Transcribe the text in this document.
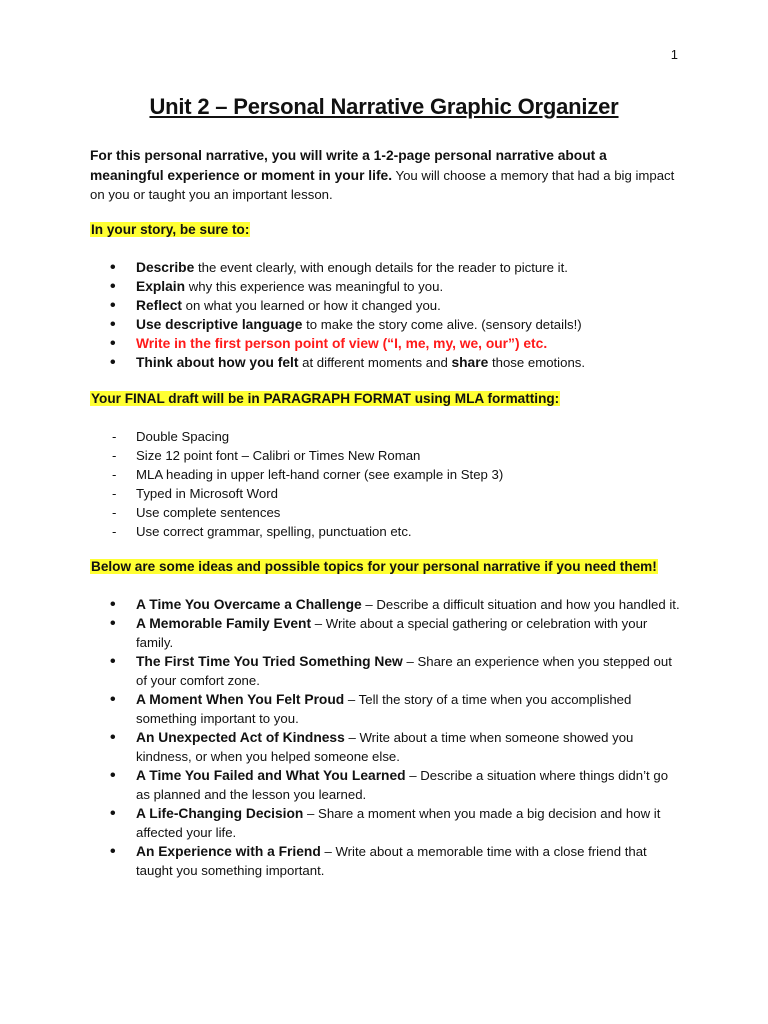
1
Unit 2 – Personal Narrative Graphic Organizer
For this personal narrative, you will write a 1-2-page personal narrative about a meaningful experience or moment in your life. You will choose a memory that had a big impact on you or taught you an important lesson.
In your story, be sure to:
• Describe the event clearly, with enough details for the reader to picture it.
• Explain why this experience was meaningful to you.
• Reflect on what you learned or how it changed you.
• Use descriptive language to make the story come alive. (sensory details!)
• Write in the first person point of view (“I, me, my, we, our”) etc.
• Think about how you felt at different moments and share those emotions.
Your FINAL draft will be in PARAGRAPH FORMAT using MLA formatting:
- Double Spacing
- Size 12 point font – Calibri or Times New Roman
- MLA heading in upper left-hand corner (see example in Step 3)
- Typed in Microsoft Word
- Use complete sentences
- Use correct grammar, spelling, punctuation etc.
Below are some ideas and possible topics for your personal narrative if you need them!
• A Time You Overcame a Challenge – Describe a difficult situation and how you handled it.
• A Memorable Family Event – Write about a special gathering or celebration with your family.
• The First Time You Tried Something New – Share an experience when you stepped out of your comfort zone.
• A Moment When You Felt Proud – Tell the story of a time when you accomplished something important to you.
• An Unexpected Act of Kindness – Write about a time when someone showed you kindness, or when you helped someone else.
• A Time You Failed and What You Learned – Describe a situation where things didn’t go as planned and the lesson you learned.
• A Life-Changing Decision – Share a moment when you made a big decision and how it affected your life.
• An Experience with a Friend – Write about a memorable time with a close friend that taught you something important.
